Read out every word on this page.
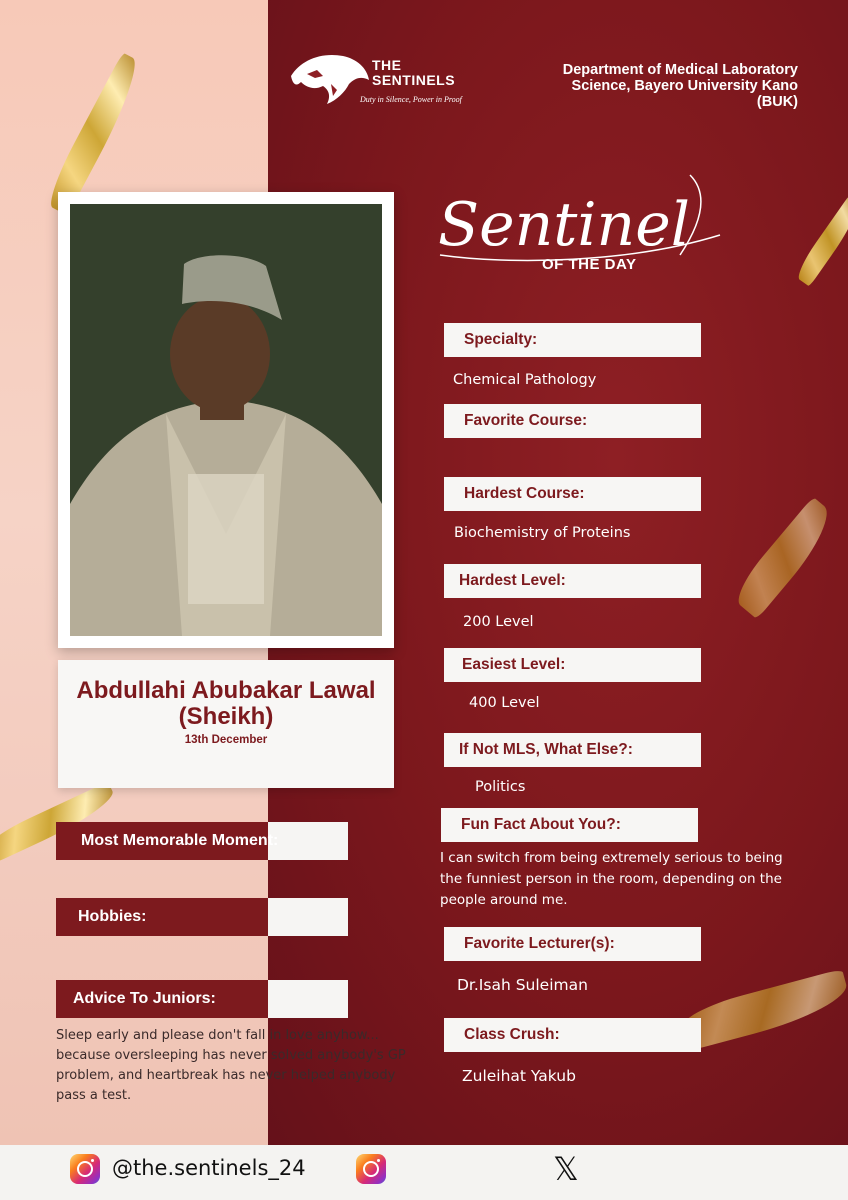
THE SENTINELS
Duty in Silence, Power in Proof
Department of Medical Laboratory Science, Bayero University Kano (BUK)
Sentinel
OF THE DAY
Abdullahi Abubakar Lawal (Sheikh)
13th December
Specialty:
Chemical Pathology
Favorite Course:
Hardest Course:
Biochemistry of Proteins
Hardest Level:
200 Level
Easiest Level:
400 Level
If Not MLS, What Else?:
Politics
Fun Fact About You?:
I can switch from being extremely serious to being the funniest person in the room, depending on the people around me.
Favorite Lecturer(s):
Dr.Isah Suleiman
Class Crush:
Zuleihat Yakub
Most Memorable Moment:
Hobbies:
Advice To Juniors:
Sleep early and please don't fall in love anyhow... because oversleeping has never solved anybody's GP problem, and heartbreak has never helped anybody pass a test.
@the.sentinels_24	𝕏
